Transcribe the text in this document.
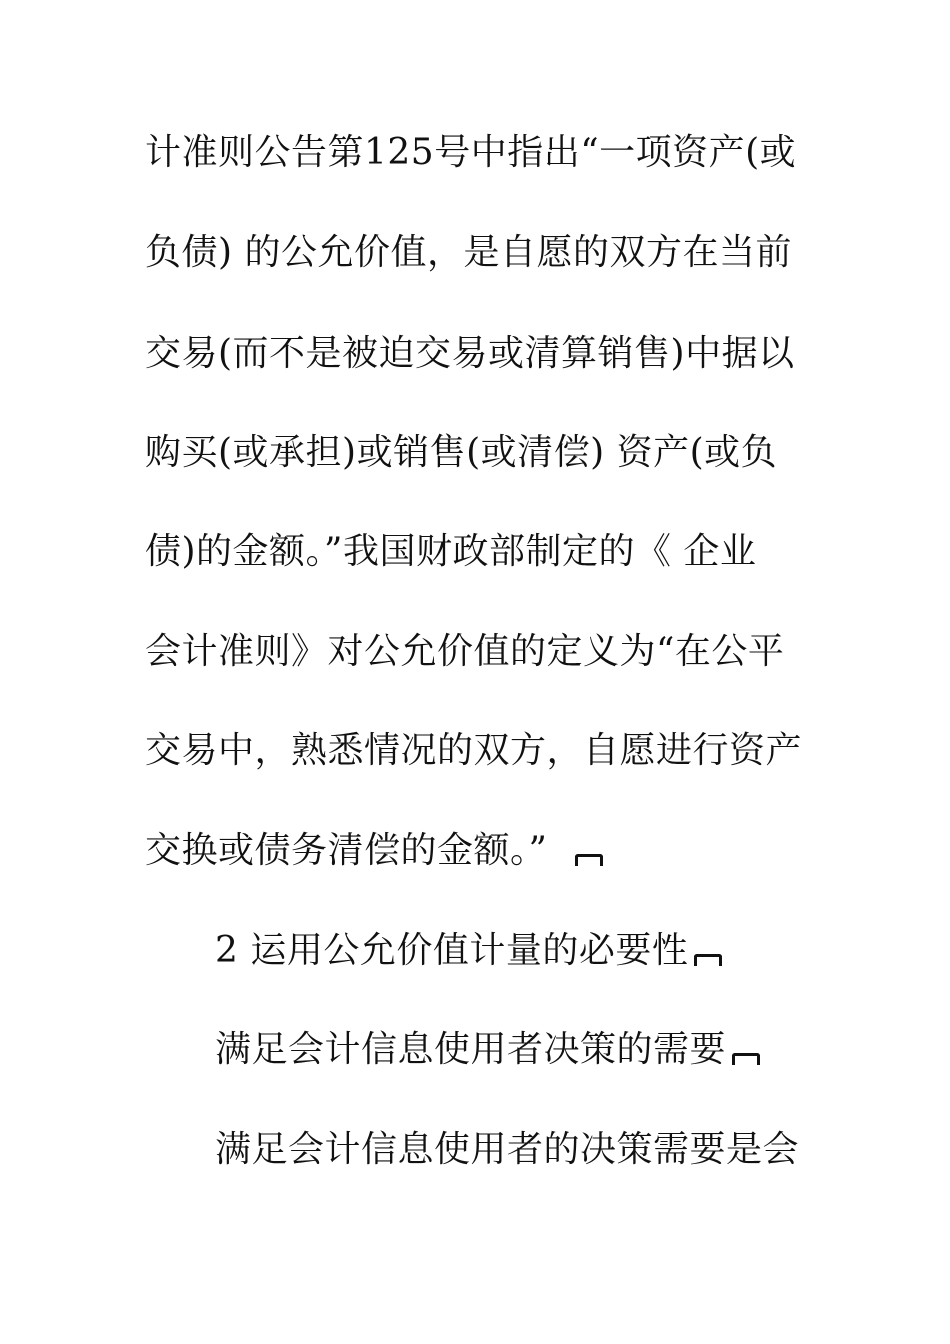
计准则公告第125号中指出“一项资产(或
负债) 的公允价值，是自愿的双方在当前
交易(而不是被迫交易或清算销售)中据以
购买(或承担)或销售(或清偿) 资产(或负
债)的金额。”我国财政部制定的《 企业
会计准则》对公允价值的定义为“在公平
交易中，熟悉情况的双方，自愿进行资产
交换或债务清偿的金额。”
2 运用公允价值计量的必要性
满足会计信息使用者决策的需要
满足会计信息使用者的决策需要是会
